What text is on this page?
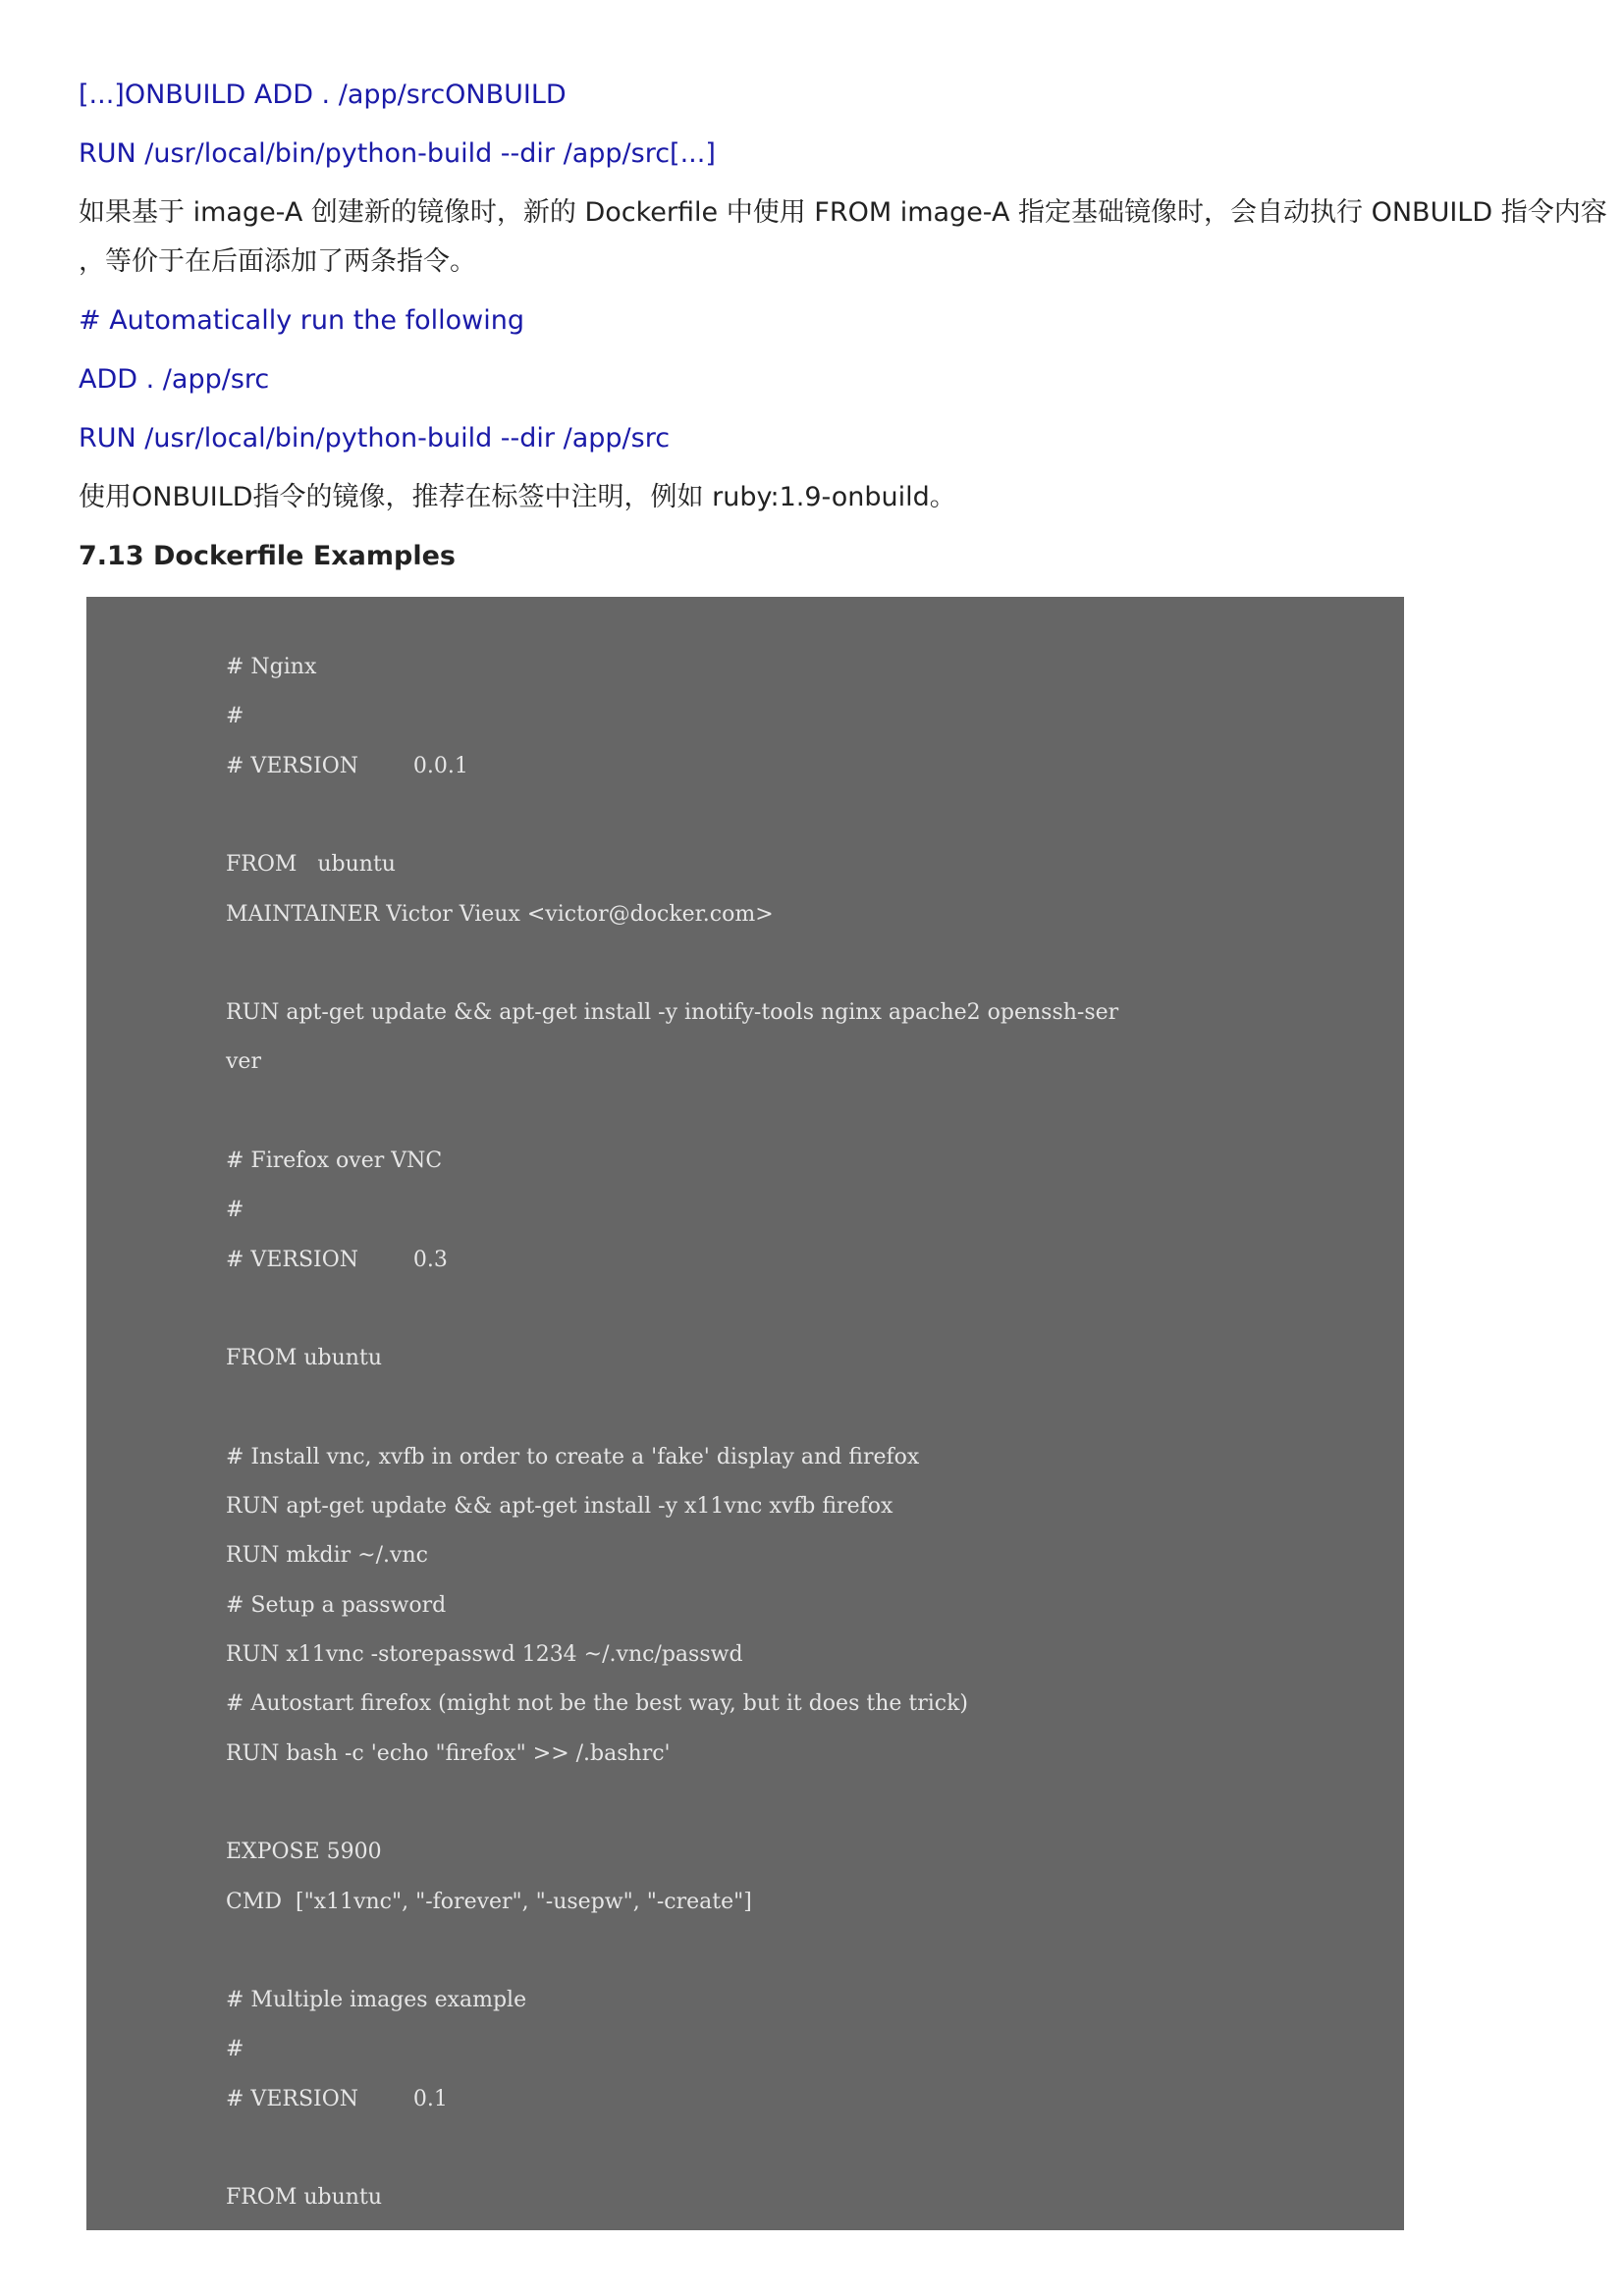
[...]ONBUILD ADD . /app/srcONBUILD

RUN /usr/local/bin/python-build --dir /app/src[...]

如果基于 image-A 创建新的镜像时，新的 Dockerfile 中使用 FROM image-A 指定基础镜像时，会自动执行 ONBUILD 指令内容

，等价于在后面添加了两条指令。

# Automatically run the following

ADD . /app/src

RUN /usr/local/bin/python-build --dir /app/src

使用ONBUILD指令的镜像，推荐在标签中注明，例如 ruby:1.9-onbuild。

7.13 Dockerfile Examples

# Nginx
#
# VERSION        0.0.1
FROM   ubuntu
MAINTAINER Victor Vieux <victor@docker.com>
RUN apt-get update && apt-get install -y inotify-tools nginx apache2 openssh-ser
ver
# Firefox over VNC
#
# VERSION        0.3
FROM ubuntu
# Install vnc, xvfb in order to create a 'fake' display and firefox
RUN apt-get update && apt-get install -y x11vnc xvfb firefox
RUN mkdir ~/.vnc
# Setup a password
RUN x11vnc -storepasswd 1234 ~/.vnc/passwd
# Autostart firefox (might not be the best way, but it does the trick)
RUN bash -c 'echo "firefox" >> /.bashrc'
EXPOSE 5900
CMD  ["x11vnc", "-forever", "-usepw", "-create"]
# Multiple images example
#
# VERSION        0.1
FROM ubuntu
